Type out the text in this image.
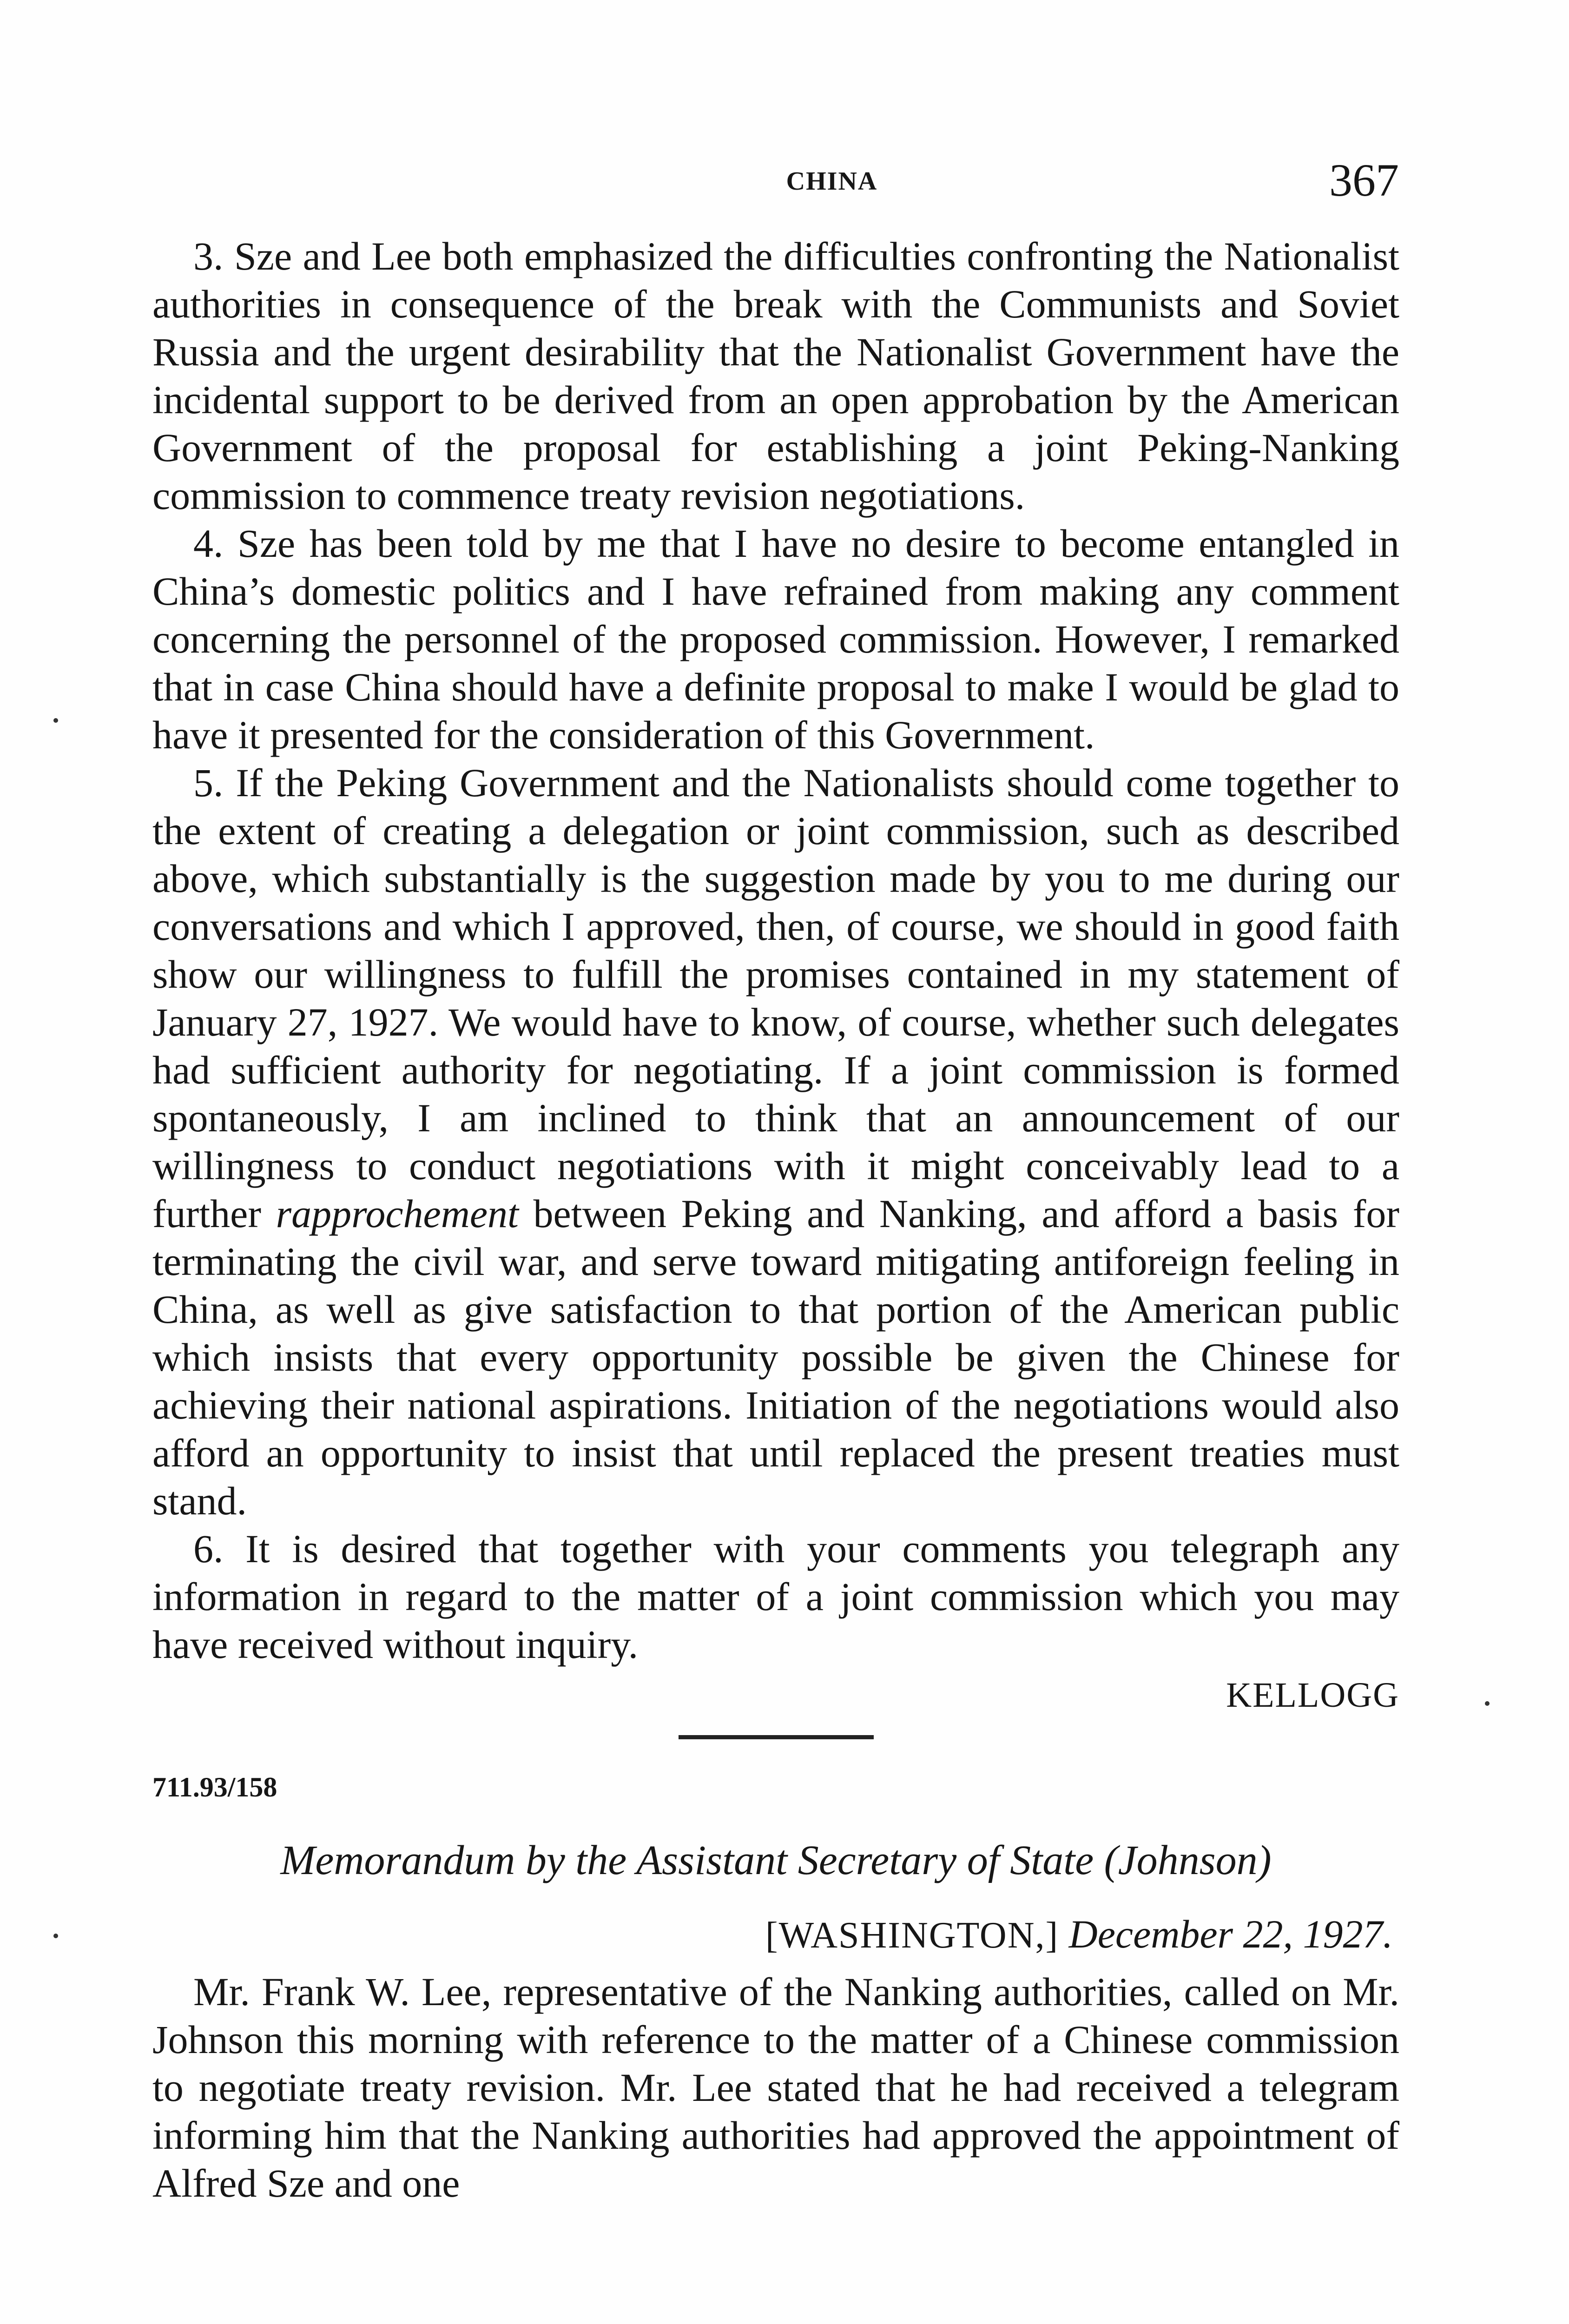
CHINA	367

3. Sze and Lee both emphasized the difficulties confronting the Nationalist authorities in consequence of the break with the Communists and Soviet Russia and the urgent desirability that the Nationalist Government have the incidental support to be derived from an open approbation by the American Government of the proposal for establishing a joint Peking-Nanking commission to commence treaty revision negotiations.

4. Sze has been told by me that I have no desire to become entangled in China’s domestic politics and I have refrained from making any comment concerning the personnel of the proposed commission. However, I remarked that in case China should have a definite proposal to make I would be glad to have it presented for the consideration of this Government.

5. If the Peking Government and the Nationalists should come together to the extent of creating a delegation or joint commission, such as described above, which substantially is the suggestion made by you to me during our conversations and which I approved, then, of course, we should in good faith show our willingness to fulfill the promises contained in my statement of January 27, 1927. We would have to know, of course, whether such delegates had sufficient authority for negotiating. If a joint commission is formed spontaneously, I am inclined to think that an announcement of our willingness to conduct negotiations with it might conceivably lead to a further rapprochement between Peking and Nanking, and afford a basis for terminating the civil war, and serve toward mitigating antiforeign feeling in China, as well as give satisfaction to that portion of the American public which insists that every opportunity possible be given the Chinese for achieving their national aspirations. Initiation of the negotiations would also afford an opportunity to insist that until replaced the present treaties must stand.

6. It is desired that together with your comments you telegraph any information in regard to the matter of a joint commission which you may have received without inquiry.

KELLOGG
711.93/158
Memorandum by the Assistant Secretary of State (Johnson)
[WASHINGTON,] December 22, 1927.

Mr. Frank W. Lee, representative of the Nanking authorities, called on Mr. Johnson this morning with reference to the matter of a Chinese commission to negotiate treaty revision. Mr. Lee stated that he had received a telegram informing him that the Nanking authorities had approved the appointment of Alfred Sze and one
